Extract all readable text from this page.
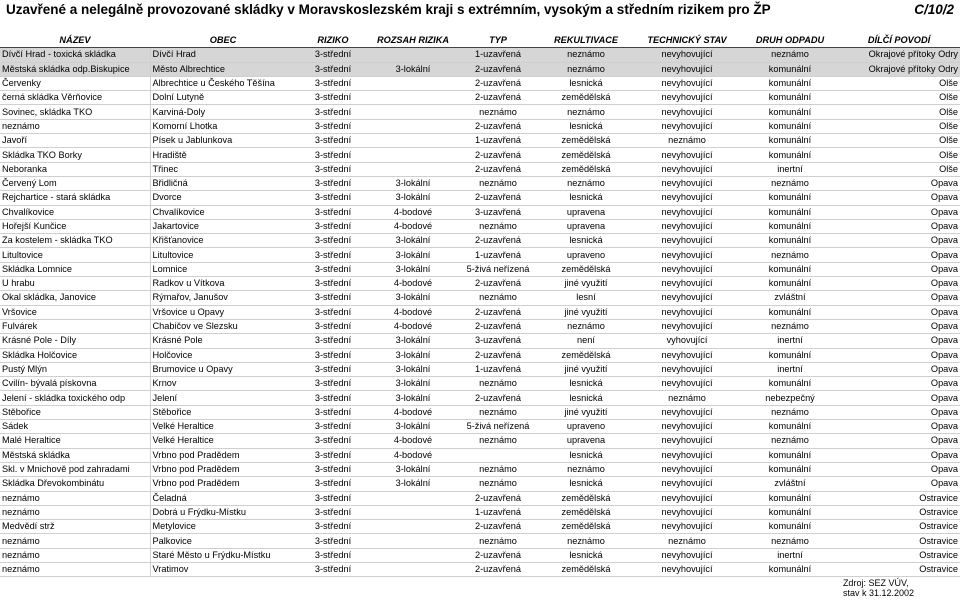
Uzavřené a nelegálně provozované skládky v Moravskoslezském kraji s extrémním, vysokým a středním rizikem pro ŽP	C/10/2
NÁZEV	OBEC	RIZIKO	ROZSAH RIZIKA	TYP	REKULTIVACE	TECHNICKÝ STAV	DRUH ODPADU	DÍLČÍ POVODÍ
Dívčí Hrad - toxická skládka	Dívčí Hrad	3-střední		1-uzavřená	neznámo	nevyhovující	neznámo	Okrajové přítoky Odry
Městská skládka odp.Biskupice	Město Albrechtice	3-střední	3-lokální	2-uzavřená	neznámo	nevyhovující	komunální	Okrajové přítoky Odry
Červenky	Albrechtice u Českého Těšína	3-střední		2-uzavřená	lesnická	nevyhovující	komunální	Olše
černá skládka Věrňovice	Dolní Lutyně	3-střední		2-uzavřená	zemědělská	nevyhovující	komunální	Olše
Sovinec, skládka TKO	Karviná-Doly	3-střední		neznámo	neznámo	nevyhovující	komunální	Olše
neznámo	Komorní Lhotka	3-střední		2-uzavřená	lesnická	nevyhovující	komunální	Olše
Javoří	Písek u Jablunkova	3-střední		1-uzavřená	zemědělská	neznámo	komunální	Olše
Skládka TKO Borky	Hradiště	3-střední		2-uzavřená	zemědělská	nevyhovující	komunální	Olše
Neboranka	Třinec	3-střední		2-uzavřená	zemědělská	nevyhovující	inertní	Olše
Červený Lom	Břidličná	3-střední	3-lokální	neznámo	neznámo	nevyhovující	neznámo	Opava
Rejchartice - stará skládka	Dvorce	3-střední	3-lokální	2-uzavřená	lesnická	nevyhovující	komunální	Opava
Chvalíkovice	Chvalíkovice	3-střední	4-bodové	3-uzavřená	upravena	nevyhovující	komunální	Opava
Hořejší Kunčice	Jakartovice	3-střední	4-bodové	neznámo	upravena	nevyhovující	komunální	Opava
Za kostelem - skládka TKO	Křišťanovice	3-střední	3-lokální	2-uzavřená	lesnická	nevyhovující	komunální	Opava
Litultovice	Litultovice	3-střední	3-lokální	1-uzavřená	upraveno	nevyhovující	neznámo	Opava
Skládka Lomnice	Lomnice	3-střední	3-lokální	5-živá neřízená	zemědělská	nevyhovující	komunální	Opava
U hrabu	Radkov u Vítkova	3-střední	4-bodové	2-uzavřená	jiné využití	nevyhovující	komunální	Opava
Okal skládka, Janovice	Rýmařov, Janušov	3-střední	3-lokální	neznámo	lesní	nevyhovující	zvláštní	Opava
Vršovice	Vršovice u Opavy	3-střední	4-bodové	2-uzavřená	jiné využití	nevyhovující	komunální	Opava
Fulvárek	Chabičov ve Slezsku	3-střední	4-bodové	2-uzavřená	neznámo	nevyhovující	neznámo	Opava
Krásné Pole - Díly	Krásné Pole	3-střední	3-lokální	3-uzavřená	není	vyhovující	inertní	Opava
Skládka Holčovice	Holčovice	3-střední	3-lokální	2-uzavřená	zemědělská	nevyhovující	komunální	Opava
Pustý Mlýn	Brumovice u Opavy	3-střední	3-lokální	1-uzavřená	jiné využití	nevyhovující	inertní	Opava
Cvilín- bývalá pískovna	Krnov	3-střední	3-lokální	neznámo	lesnická	nevyhovující	komunální	Opava
Jelení - skládka toxického odp	Jelení	3-střední	3-lokální	2-uzavřená	lesnická	neznámo	nebezpečný	Opava
Stěbořice	Stěbořice	3-střední	4-bodové	neznámo	jiné využití	nevyhovující	neznámo	Opava
Sádek	Velké Heraltice	3-střední	3-lokální	5-živá neřízená	upraveno	nevyhovující	komunální	Opava
Malé Heraltice	Velké Heraltice	3-střední	4-bodové	neznámo	upravena	nevyhovující	neznámo	Opava
Městská skládka	Vrbno pod Pradědem	3-střední	4-bodové		lesnická	nevyhovující	komunální	Opava
Skl. v Mnichově pod zahradami	Vrbno pod Pradědem	3-střední	3-lokální	neznámo	neznámo	nevyhovující	komunální	Opava
Skládka Dřevokombinátu	Vrbno pod Pradědem	3-střední	3-lokální	neznámo	lesnická	nevyhovující	zvláštní	Opava
neznámo	Čeladná	3-střední		2-uzavřená	zemědělská	nevyhovující	komunální	Ostravice
neznámo	Dobrá u Frýdku-Místku	3-střední		1-uzavřená	zemědělská	nevyhovující	komunální	Ostravice
Medvědí strž	Metylovice	3-střední		2-uzavřená	zemědělská	nevyhovující	komunální	Ostravice
neznámo	Palkovice	3-střední		neznámo	neznámo	neznámo	neznámo	Ostravice
neznámo	Staré Město u Frýdku-Místku	3-střední		2-uzavřená	lesnická	nevyhovující	inertní	Ostravice
neznámo	Vratimov	3-střední		2-uzavřená	zemědělská	nevyhovující	komunální	Ostravice
Zdroj: SEZ VÚV,
stav k 31.12.2002
